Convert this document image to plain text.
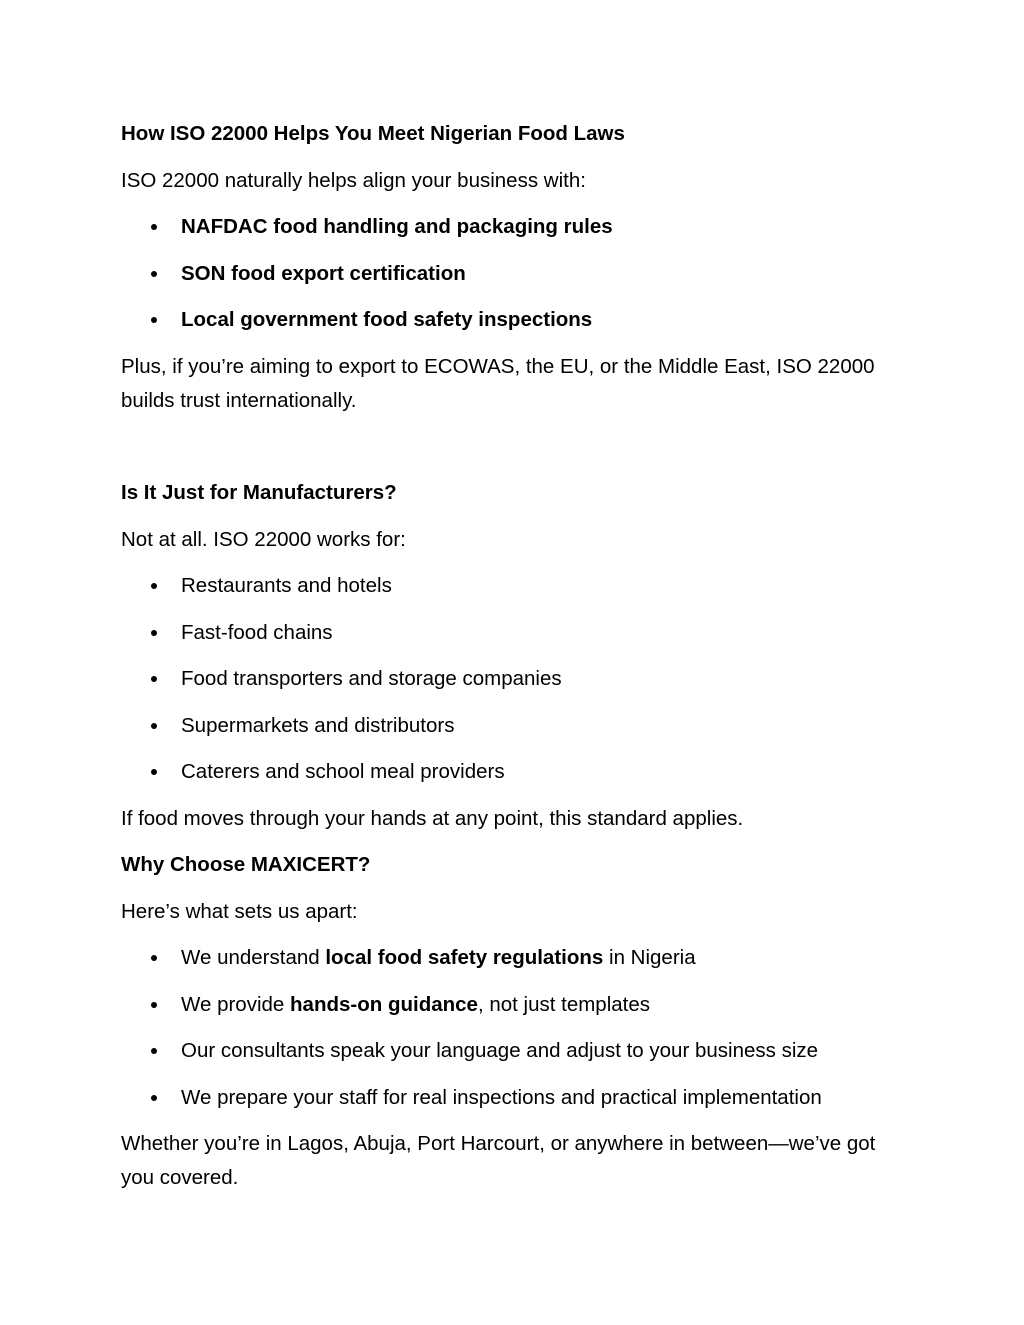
How ISO 22000 Helps You Meet Nigerian Food Laws
ISO 22000 naturally helps align your business with:
NAFDAC food handling and packaging rules
SON food export certification
Local government food safety inspections
Plus, if you’re aiming to export to ECOWAS, the EU, or the Middle East, ISO 22000 builds trust internationally.
Is It Just for Manufacturers?
Not at all. ISO 22000 works for:
Restaurants and hotels
Fast-food chains
Food transporters and storage companies
Supermarkets and distributors
Caterers and school meal providers
If food moves through your hands at any point, this standard applies.
Why Choose MAXICERT?
Here’s what sets us apart:
We understand local food safety regulations in Nigeria
We provide hands-on guidance, not just templates
Our consultants speak your language and adjust to your business size
We prepare your staff for real inspections and practical implementation
Whether you’re in Lagos, Abuja, Port Harcourt, or anywhere in between—we’ve got you covered.
